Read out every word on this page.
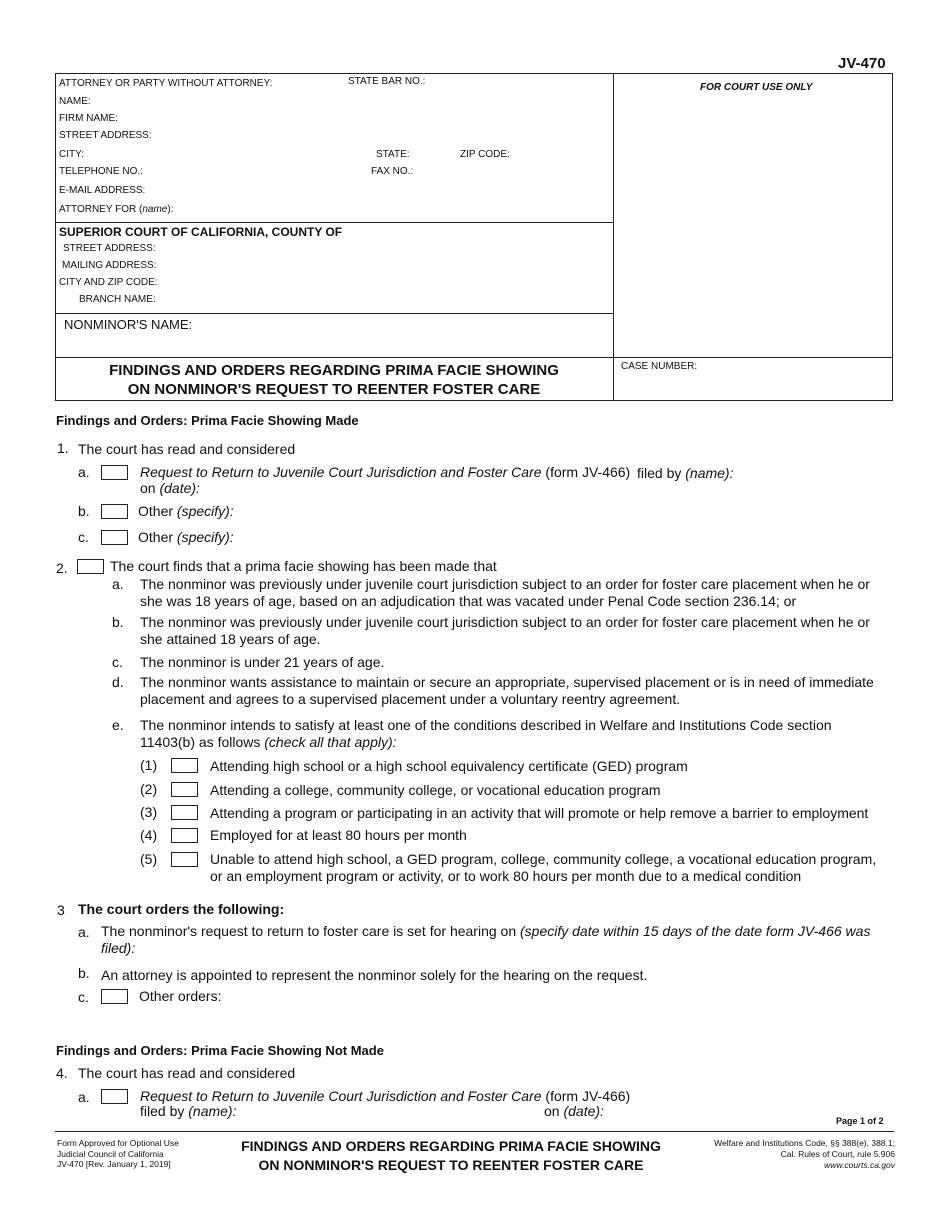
JV-470
ATTORNEY OR PARTY WITHOUT ATTORNEY:	STATE BAR NO.:
NAME:
FIRM NAME:
STREET ADDRESS:
CITY:	STATE:	ZIP CODE:
TELEPHONE NO.:	FAX NO.:
E-MAIL ADDRESS:
ATTORNEY FOR (name):
FOR COURT USE ONLY
SUPERIOR COURT OF CALIFORNIA, COUNTY OF
STREET ADDRESS:
MAILING ADDRESS:
CITY AND ZIP CODE:
BRANCH NAME:
NONMINOR'S NAME:
FINDINGS AND ORDERS REGARDING PRIMA FACIE SHOWING
ON NONMINOR'S REQUEST TO REENTER FOSTER CARE
CASE NUMBER:
Findings and Orders: Prima Facie Showing Made
1. The court has read and considered
a.	Request to Return to Juvenile Court Jurisdiction and Foster Care (form JV-466) filed by (name):
on (date):
b.	Other (specify):
c.	Other (specify):
2.	The court finds that a prima facie showing has been made that
a. The nonminor was previously under juvenile court jurisdiction subject to an order for foster care placement when he or
she was 18 years of age, based on an adjudication that was vacated under Penal Code section 236.14; or
b. The nonminor was previously under juvenile court jurisdiction subject to an order for foster care placement when he or
she attained 18 years of age.
c. The nonminor is under 21 years of age.
d. The nonminor wants assistance to maintain or secure an appropriate, supervised placement or is in need of immediate
placement and agrees to a supervised placement under a voluntary reentry agreement.
e. The nonminor intends to satisfy at least one of the conditions described in Welfare and Institutions Code section
11403(b) as follows (check all that apply):
(1)	Attending high school or a high school equivalency certificate (GED) program
(2)	Attending a college, community college, or vocational education program
(3)	Attending a program or participating in an activity that will promote or help remove a barrier to employment
(4)	Employed for at least 80 hours per month
(5)	Unable to attend high school, a GED program, college, community college, a vocational education program,
or an employment program or activity, or to work 80 hours per month due to a medical condition
3 The court orders the following:
a. The nonminor's request to return to foster care is set for hearing on (specify date within 15 days of the date form JV-466 was
filed):
b. An attorney is appointed to represent the nonminor solely for the hearing on the request.
c.	Other orders:
Findings and Orders: Prima Facie Showing Not Made
4. The court has read and considered
a.	Request to Return to Juvenile Court Jurisdiction and Foster Care (form JV-466)
filed by (name):	on (date):
Page 1 of 2
Form Approved for Optional Use
Judicial Council of California
JV-470 [Rev. January 1, 2019]
FINDINGS AND ORDERS REGARDING PRIMA FACIE SHOWING
ON NONMINOR'S REQUEST TO REENTER FOSTER CARE
Welfare and Institutions Code, §§ 388(e), 388.1;
Cal. Rules of Court, rule 5.906
www.courts.ca.gov
